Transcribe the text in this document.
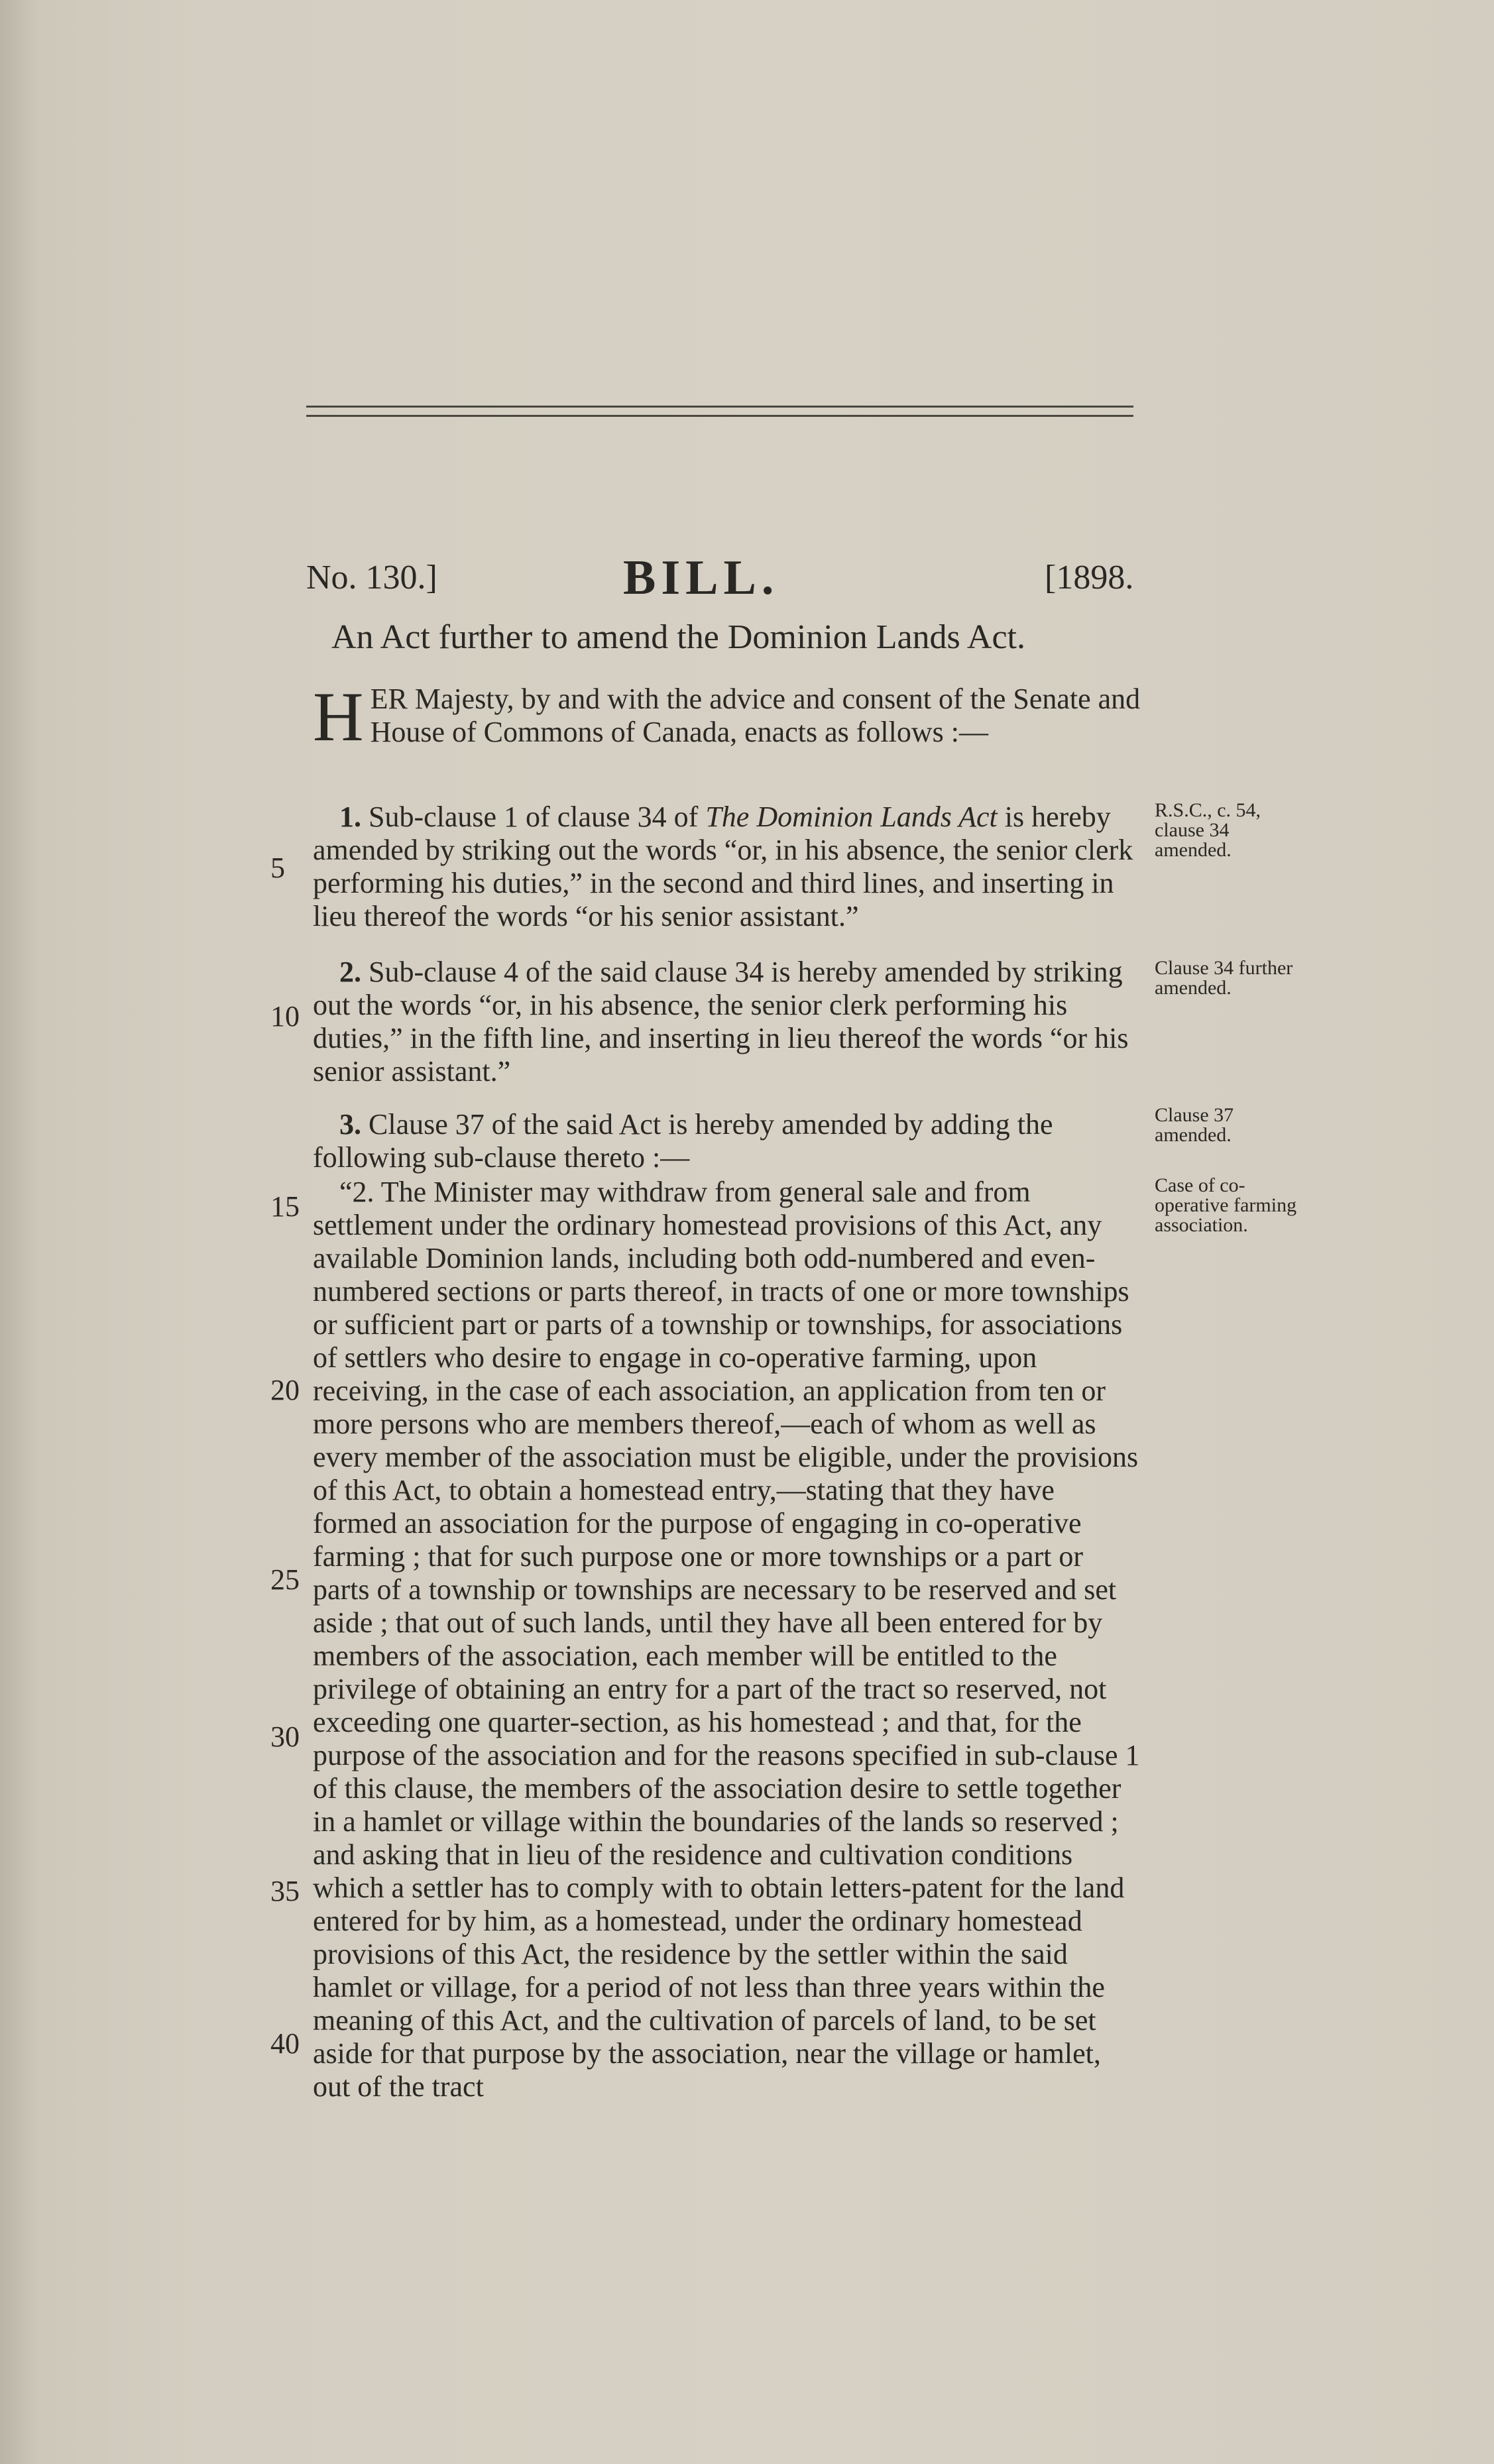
No. 130.]	BILL.	[1898.
An Act further to amend the Dominion Lands Act.
HER Majesty, by and with the advice and consent of the Senate and House of Commons of Canada, enacts as follows :—
1. Sub-clause 1 of clause 34 of The Dominion Lands Act is hereby amended by striking out the words “or, in his absence, the senior clerk performing his duties,” in the second and third lines, and inserting in lieu thereof the words “or his senior assistant.”
2. Sub-clause 4 of the said clause 34 is hereby amended by striking out the words “or, in his absence, the senior clerk performing his duties,” in the fifth line, and inserting in lieu thereof the words “or his senior assistant.”
3. Clause 37 of the said Act is hereby amended by adding the following sub-clause thereto :—
“2. The Minister may withdraw from general sale and from settlement under the ordinary homestead provisions of this Act, any available Dominion lands, including both odd-numbered and even-numbered sections or parts thereof, in tracts of one or more townships or sufficient part or parts of a township or townships, for associations of settlers who desire to engage in co-operative farming, upon receiving, in the case of each association, an application from ten or more persons who are members thereof,—each of whom as well as every member of the association must be eligible, under the provisions of this Act, to obtain a homestead entry,—stating that they have formed an association for the purpose of engaging in co-operative farming ; that for such purpose one or more townships or a part or parts of a township or townships are necessary to be reserved and set aside ; that out of such lands, until they have all been entered for by members of the association, each member will be entitled to the privilege of obtaining an entry for a part of the tract so reserved, not exceeding one quarter-section, as his homestead ; and that, for the purpose of the association and for the reasons specified in sub-clause 1 of this clause, the members of the association desire to settle together in a hamlet or village within the boundaries of the lands so reserved ; and asking that in lieu of the residence and cultivation conditions which a settler has to comply with to obtain letters-patent for the land entered for by him, as a homestead, under the ordinary homestead provisions of this Act, the residence by the settler within the said hamlet or village, for a period of not less than three years within the meaning of this Act, and the cultivation of parcels of land, to be set aside for that purpose by the association, near the village or hamlet, out of the tract
5
10
15
20
25
30
35
40
R.S.C., c. 54, clause 34 amended.
Clause 34 further amended.
Clause 37 amended.
Case of co-operative farming association.
